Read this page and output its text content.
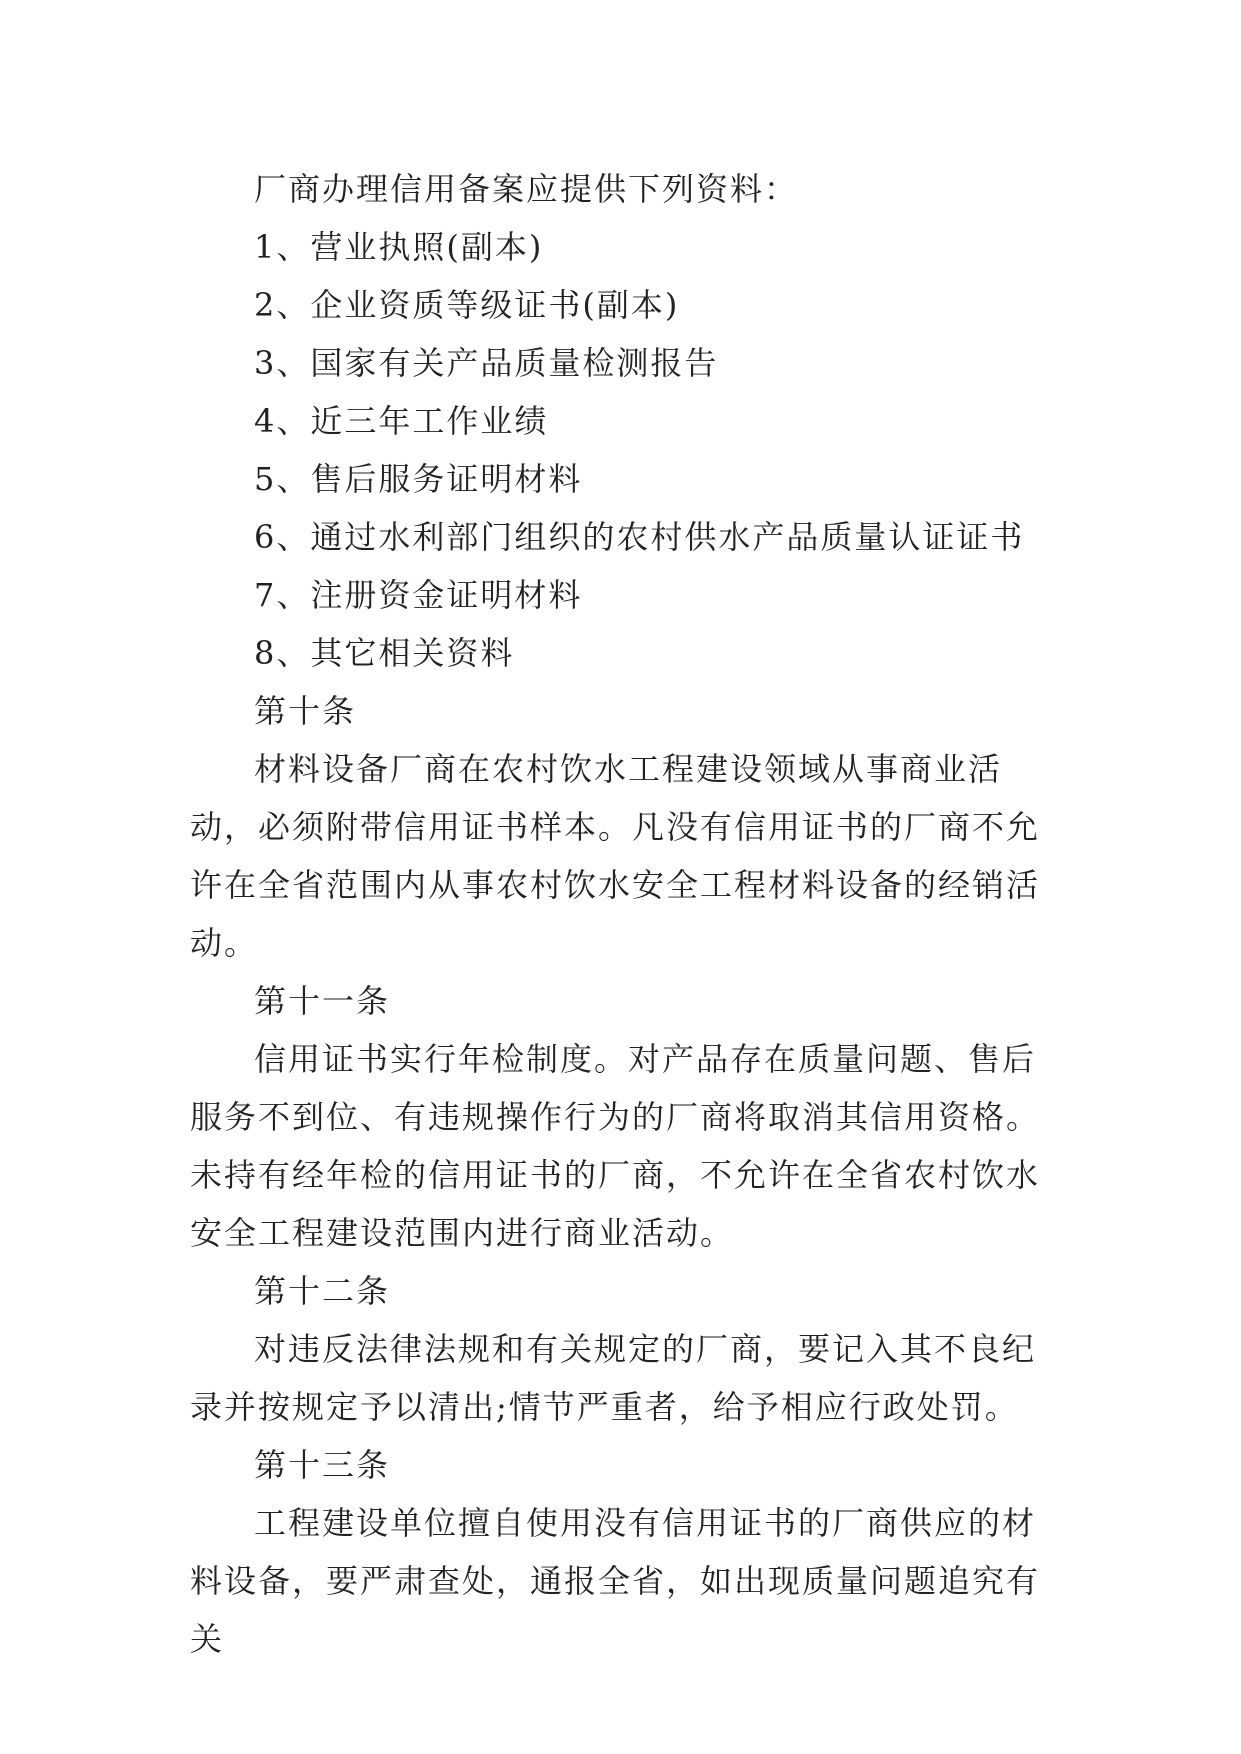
厂商办理信用备案应提供下列资料：

1、营业执照(副本)

2、企业资质等级证书(副本)

3、国家有关产品质量检测报告

4、近三年工作业绩

5、售后服务证明材料

6、通过水利部门组织的农村供水产品质量认证证书

7、注册资金证明材料

8、其它相关资料

第十条

材料设备厂商在农村饮水工程建设领域从事商业活动，必须附带信用证书样本。凡没有信用证书的厂商不允许在全省范围内从事农村饮水安全工程材料设备的经销活动。

第十一条

信用证书实行年检制度。对产品存在质量问题、售后服务不到位、有违规操作行为的厂商将取消其信用资格。未持有经年检的信用证书的厂商，不允许在全省农村饮水安全工程建设范围内进行商业活动。

第十二条

对违反法律法规和有关规定的厂商，要记入其不良纪录并按规定予以清出;情节严重者，给予相应行政处罚。

第十三条

工程建设单位擅自使用没有信用证书的厂商供应的材料设备，要严肃查处，通报全省，如出现质量问题追究有关
